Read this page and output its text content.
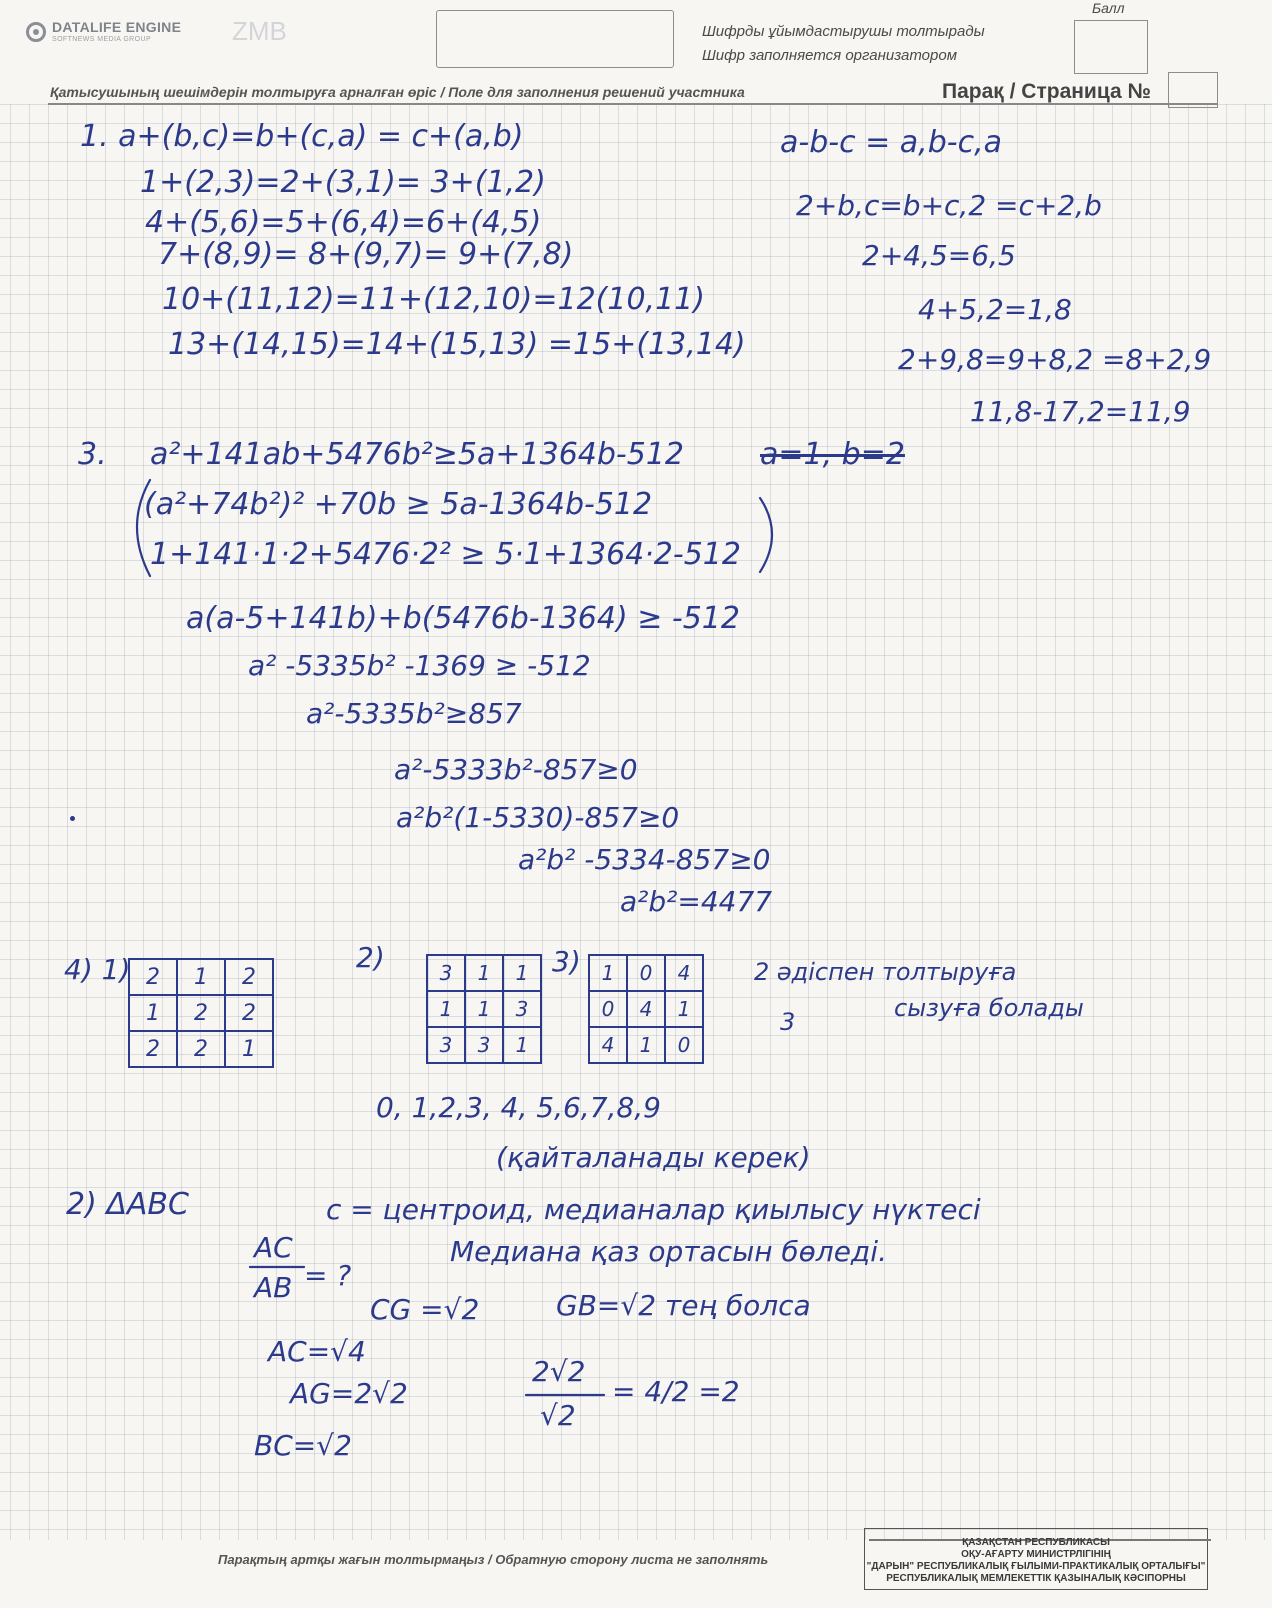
DATALIFE ENGINE
SOFTNEWS MEDIA GROUP	ZMB	Шифрды ұйымдастырушы толтырады
Шифр заполняется организатором
Балл
Қатысушының шешімдерін толтыруға арналған өріс / Поле для заполнения решений участника	Парақ / Страница №
1. a+(b,c)=b+(c,a) = c+(a,b)
1+(2,3)=2+(3,1)= 3+(1,2)
4+(5,6)=5+(6,4)=6+(4,5)
7+(8,9)= 8+(9,7)= 9+(7,8)
10+(11,12)=11+(12,10)=12(10,11)
13+(14,15)=14+(15,13) =15+(13,14)
a-b-c = a,b-c,a
2+b,c=b+c,2 =c+2,b
2+4,5=6,5
4+5,2=1,8
2+9,8=9+8,2 =8+2,9
11,8-17,2=11,9
3. a²+141ab+5476b²≥5a+1364b-512	a=1, b=2
(a²+74b²)² +70b ≥ 5a-1364b-512
1+141·1·2+5476·2² ≥ 5·1+1364·2-512
a(a-5+141b)+b(5476b-1364) ≥ -512
a² -5335b² -1369 ≥ -512
a²-5335b²≥857
a²-5333b²-857≥0
a²b²(1-5330)-857≥0
a²b² -5334-857≥0
a²b²=4477
4) 1) 2	1	2
1	2	2
2	2	1
2)	3	1	1
1	1	3
3	3	1
3) 1	0	4
0	4	1
4	1	0
2 әдіспен толтыруға
3	сызуға болады
0, 1,2,3, 4, 5,6,7,8,9
(қайталанады керек)
2) ΔABC	c = центроид, медианалар қиылысу нүктесі
Медиана қаз ортасын бөледі.
AC
AB = ?
CG =√2	GB=√2 тең болса
AC=√4
AG=2√2
BC=√2
2√2
√2
= 4/2 =2
Парақтың артқы жағын толтырмаңыз / Обратную сторону листа не заполнять
ҚАЗАҚСТАН РЕСПУБЛИКАСЫ
ОҚУ-АҒАРТУ МИНИСТРЛІГІНІҢ
"ДАРЫН" РЕСПУБЛИКАЛЫҚ ҒЫЛЫМИ-ПРАКТИКАЛЫҚ ОРТАЛЫҒЫ"
РЕСПУБЛИКАЛЫҚ МЕМЛЕКЕТТІК ҚАЗЫНАЛЫҚ КӘСІПОРНЫ
